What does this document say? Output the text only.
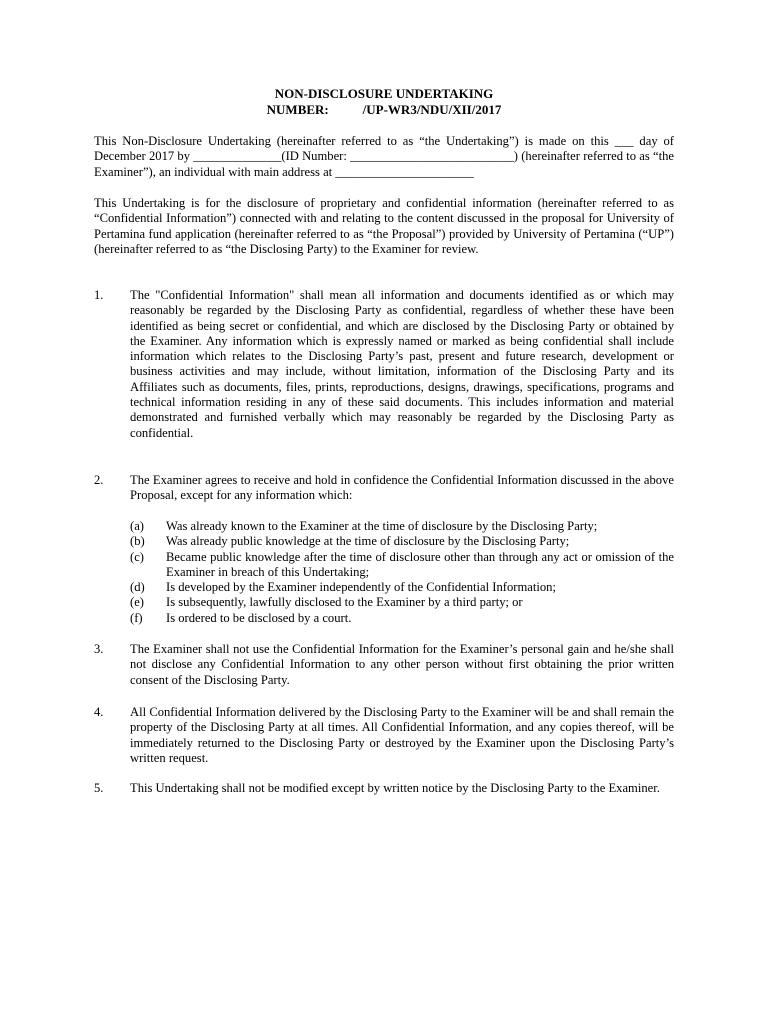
NON-DISCLOSURE UNDERTAKING
NUMBER:	/UP-WR3/NDU/XII/2017
This Non-Disclosure Undertaking (hereinafter referred to as “the Undertaking”) is made on this ___ day of December 2017 by ______________(ID Number: __________________________) (hereinafter referred to as “the Examiner”), an individual with main address at ______________________
This Undertaking is for the disclosure of proprietary and confidential information (hereinafter referred to as “Confidential Information”) connected with and relating to the content discussed in the proposal for University of Pertamina fund application (hereinafter referred to as “the Proposal”) provided by University of Pertamina (“UP”) (hereinafter referred to as “the Disclosing Party) to the Examiner for review.
1. The "Confidential Information" shall mean all information and documents identified as or which may reasonably be regarded by the Disclosing Party as confidential, regardless of whether these have been identified as being secret or confidential, and which are disclosed by the Disclosing Party or obtained by the Examiner. Any information which is expressly named or marked as being confidential shall include information which relates to the Disclosing Party’s past, present and future research, development or business activities and may include, without limitation, information of the Disclosing Party and its Affiliates such as documents, files, prints, reproductions, designs, drawings, specifications, programs and technical information residing in any of these said documents. This includes information and material demonstrated and furnished verbally which may reasonably be regarded by the Disclosing Party as confidential.
2. The Examiner agrees to receive and hold in confidence the Confidential Information discussed in the above Proposal, except for any information which:
(a) Was already known to the Examiner at the time of disclosure by the Disclosing Party;
(b) Was already public knowledge at the time of disclosure by the Disclosing Party;
(c) Became public knowledge after the time of disclosure other than through any act or omission of the Examiner in breach of this Undertaking;
(d) Is developed by the Examiner independently of the Confidential Information;
(e) Is subsequently, lawfully disclosed to the Examiner by a third party; or
(f) Is ordered to be disclosed by a court.
3. The Examiner shall not use the Confidential Information for the Examiner’s personal gain and he/she shall not disclose any Confidential Information to any other person without first obtaining the prior written consent of the Disclosing Party.
4. All Confidential Information delivered by the Disclosing Party to the Examiner will be and shall remain the property of the Disclosing Party at all times. All Confidential Information, and any copies thereof, will be immediately returned to the Disclosing Party or destroyed by the Examiner upon the Disclosing Party’s written request.
5. This Undertaking shall not be modified except by written notice by the Disclosing Party to the Examiner.
